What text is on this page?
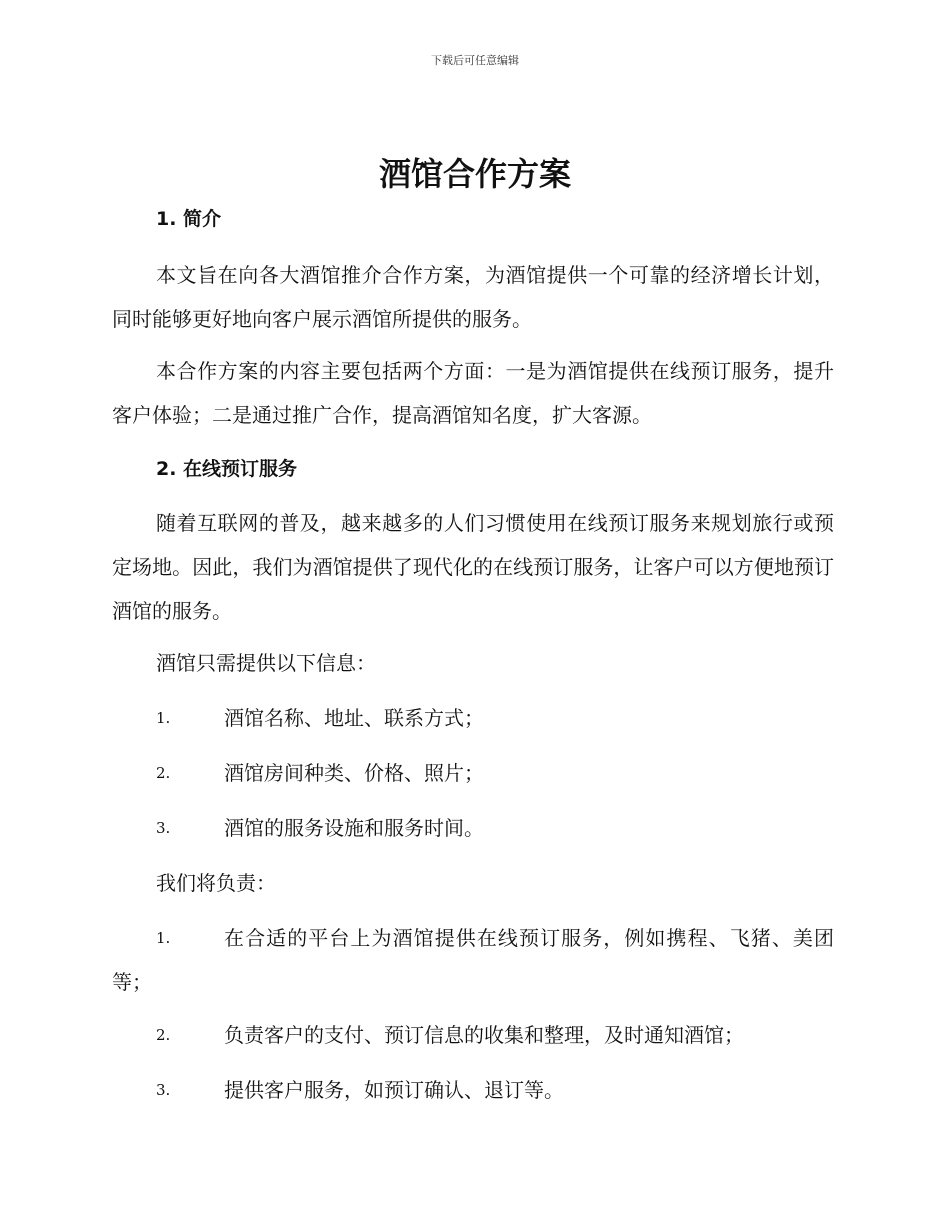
下载后可任意编辑
酒馆合作方案
1. 简介

本文旨在向各大酒馆推介合作方案，为酒馆提供一个可靠的经济增长计划，同时能够更好地向客户展示酒馆所提供的服务。

本合作方案的内容主要包括两个方面：一是为酒馆提供在线预订服务，提升客户体验；二是通过推广合作，提高酒馆知名度，扩大客源。

2. 在线预订服务

随着互联网的普及，越来越多的人们习惯使用在线预订服务来规划旅行或预定场地。因此，我们为酒馆提供了现代化的在线预订服务，让客户可以方便地预订酒馆的服务。

酒馆只需提供以下信息：

1.	酒馆名称、地址、联系方式；
2.	酒馆房间种类、价格、照片；
3.	酒馆的服务设施和服务时间。

我们将负责：

1.	在合适的平台上为酒馆提供在线预订服务，例如携程、飞猪、美团等；
2.	负责客户的支付、预订信息的收集和整理，及时通知酒馆；
3.	提供客户服务，如预订确认、退订等。
